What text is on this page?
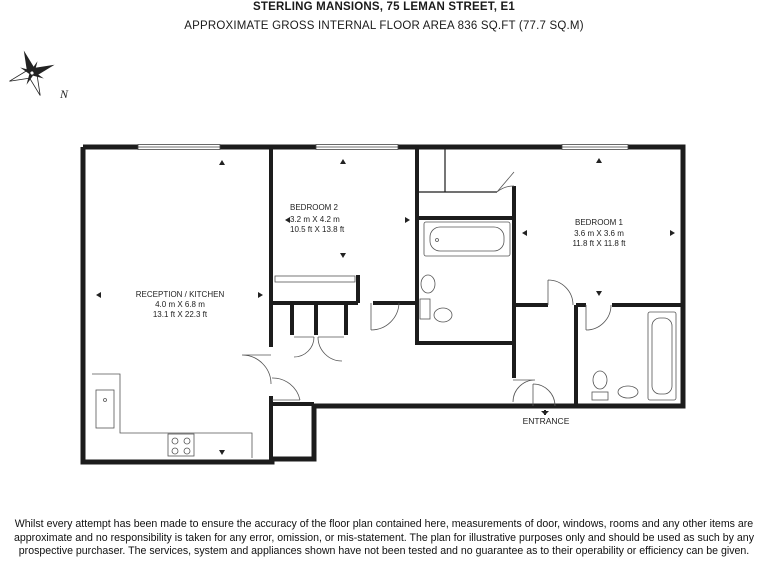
STERLING MANSIONS, 75 LEMAN STREET, E1
APPROXIMATE GROSS INTERNAL FLOOR AREA 836 SQ.FT (77.7 SQ.M)
N
RECEPTION / KITCHEN
4.0 m X 6.8 m
13.1 ft X 22.3 ft
BEDROOM 2
3.2 m X 4.2 m
10.5 ft X 13.8 ft
BEDROOM 1
3.6 m X 3.6 m
11.8 ft X 11.8 ft
ENTRANCE
Whilst every attempt has been made to ensure the accuracy of the floor plan contained here, measurements of door, windows, rooms and any other items are approximate and no responsibility is taken for any error, omission, or mis-statement. The plan for illustrative purposes only and should be used as such by any prospective purchaser. The services, system and appliances shown have not been tested and no guarantee as to their operability or efficiency can be given.
